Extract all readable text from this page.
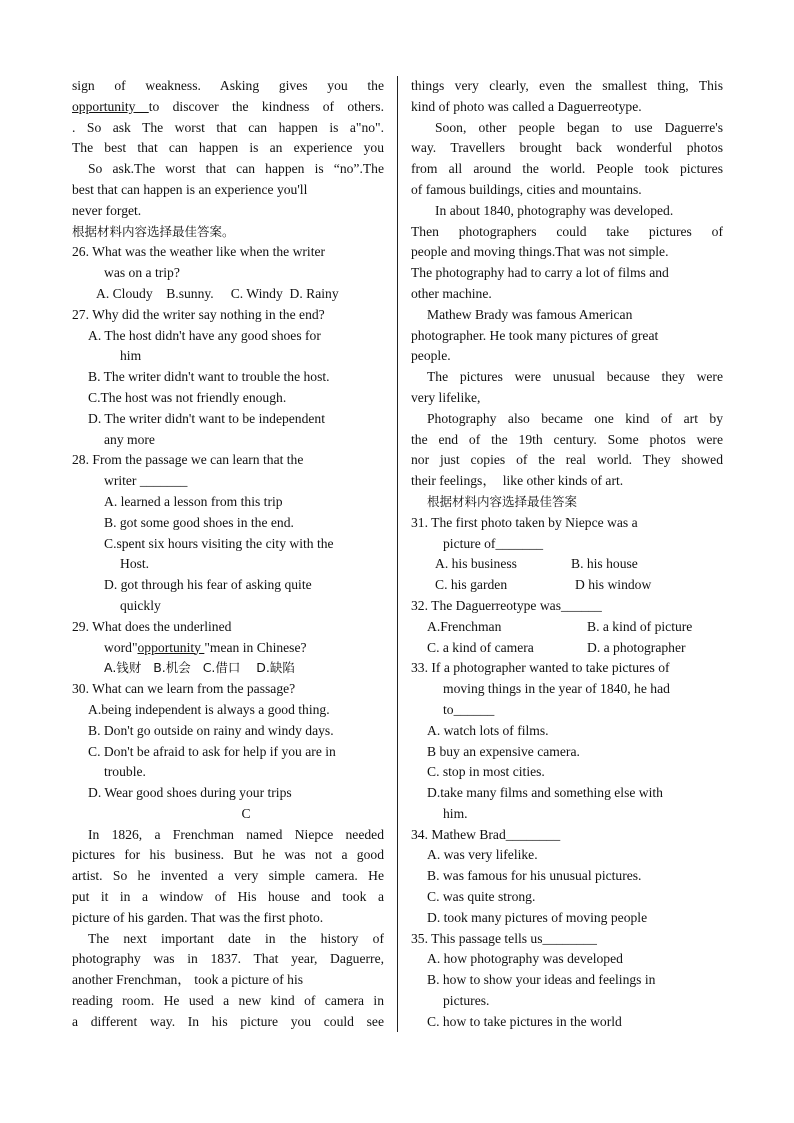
sign of weakness. Asking gives you the
opportunity to discover the kindness of others.
. So ask The worst that can happen is a"no".
The best that can happen is an experience you
So ask.The worst that can happen is “no”.The
best that can happen is an experience you'll
never forget.
根据材料内容选择最佳答案。
26. What was the weather like when the writer
was on a trip?
A. Cloudy    B.sunny.     C. Windy  D. Rainy
27. Why did the writer say nothing in the end?
A. The host didn't have any good shoes for
him
B. The writer didn't want to trouble the host.
C.The host was not friendly enough.
D. The writer didn't want to be independent
any more
28. From the passage we can learn that the
writer _______
A. learned a lesson from this trip
B. got some good shoes in the end.
C.spent six hours visiting the city with the
Host.
D. got through his fear of asking quite
quickly
29. What does the underlined
word"opportunity "mean in Chinese?
A.钱财   B.机会   C.借口    D.缺陷
30. What can we learn from the passage?
A.being independent is always a good thing.
B. Don't go outside on rainy and windy days.
C. Don't be afraid to ask for help if you are in
trouble.
D. Wear good shoes during your trips
C
In 1826, a Frenchman named Niepce needed
pictures for his business. But he was not a good
artist. So he invented a very simple camera. He
put it in a window of His house and took a
picture of his garden. That was the first photo.
The next important date in the history of
photography was in 1837. That year, Daguerre,
another Frenchman， took a picture of his
reading room. He used a new kind of camera in
a different way. In his picture you could see
things very clearly, even the smallest thing, This
kind of photo was called a Daguerreotype.
Soon, other people began to use Daguerre's
way. Travellers brought back wonderful photos
from all around the world. People took pictures
of famous buildings, cities and mountains.
In about 1840, photography was developed.
Then photographers could take pictures of
people and moving things.That was not simple.
The photography had to carry a lot of films and
other machine.
Mathew Brady was famous American
photographer. He took many pictures of great
people.
The pictures were unusual because they were
very lifelike,
Photography also became one kind of art by
the end of the 19th century. Some photos were
nor just copies of the real world. They showed
their feelings，  like other kinds of art.
根据材料内容选择最佳答案
31. The first photo taken by Niepce was a
picture of_______
A. his business	B. his house
C. his garden	D his window
32. The Daguerreotype was______
A.Frenchman	B. a kind of picture
C. a kind of camera	D. a photographer
33. If a photographer wanted to take pictures of
moving things in the year of 1840, he had
to______
A. watch lots of films.
B buy an expensive camera.
C. stop in most cities.
D.take many films and something else with
him.
34. Mathew Brad________
A. was very lifelike.
B. was famous for his unusual pictures.
C. was quite strong.
D. took many pictures of moving people
35. This passage tells us________
A. how photography was developed
B. how to show your ideas and feelings in
pictures.
C. how to take pictures in the world
